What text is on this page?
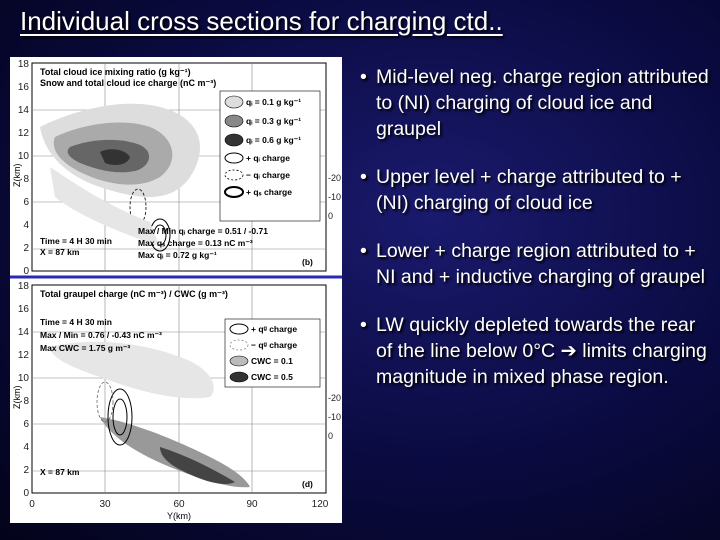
Individual cross sections for charging ctd..
Total cloud ice mixing ratio (g kg⁻¹)
Snow and total cloud ice charge (nC m⁻³)
qᵢ = 0.1 g kg⁻¹
qᵢ = 0.3 g kg⁻¹
qᵢ = 0.6 g kg⁻¹
+ qᵢ charge
− qᵢ charge
+ qₛ charge
Max / Min qᵢ charge = 0.51 / -0.71
Max qₛ charge = 0.13 nC m⁻³
Max qᵢ = 0.72 g kg⁻¹
Time = 4 H 30 min
X = 87 km
(b)
18
16
14
12
10
8
6
4
2
0
Z(km)	-20
-10
0
Total graupel charge (nC m⁻³) / CWC (g m⁻³)
Time = 4 H 30 min
Max / Min = 0.76 / -0.43 nC m⁻³
Max CWC = 1.75 g m⁻³
+ qᵍ charge
− qᵍ charge
CWC = 0.1
CWC = 0.5
X = 87 km
(d)
18
16
14
12
10
8
6
4
2
0
Z(km)	-20
-10
0
0	30	60	90	120
Y(km)
• Mid-level neg. charge region attributed to (NI) charging of cloud ice and graupel
• Upper level + charge attributed to + (NI) charging of cloud ice
• Lower + charge region attributed to + NI and + inductive charging of graupel
• LW quickly depleted towards the rear of the line below 0°C ➔ limits charging magnitude in mixed phase region.
